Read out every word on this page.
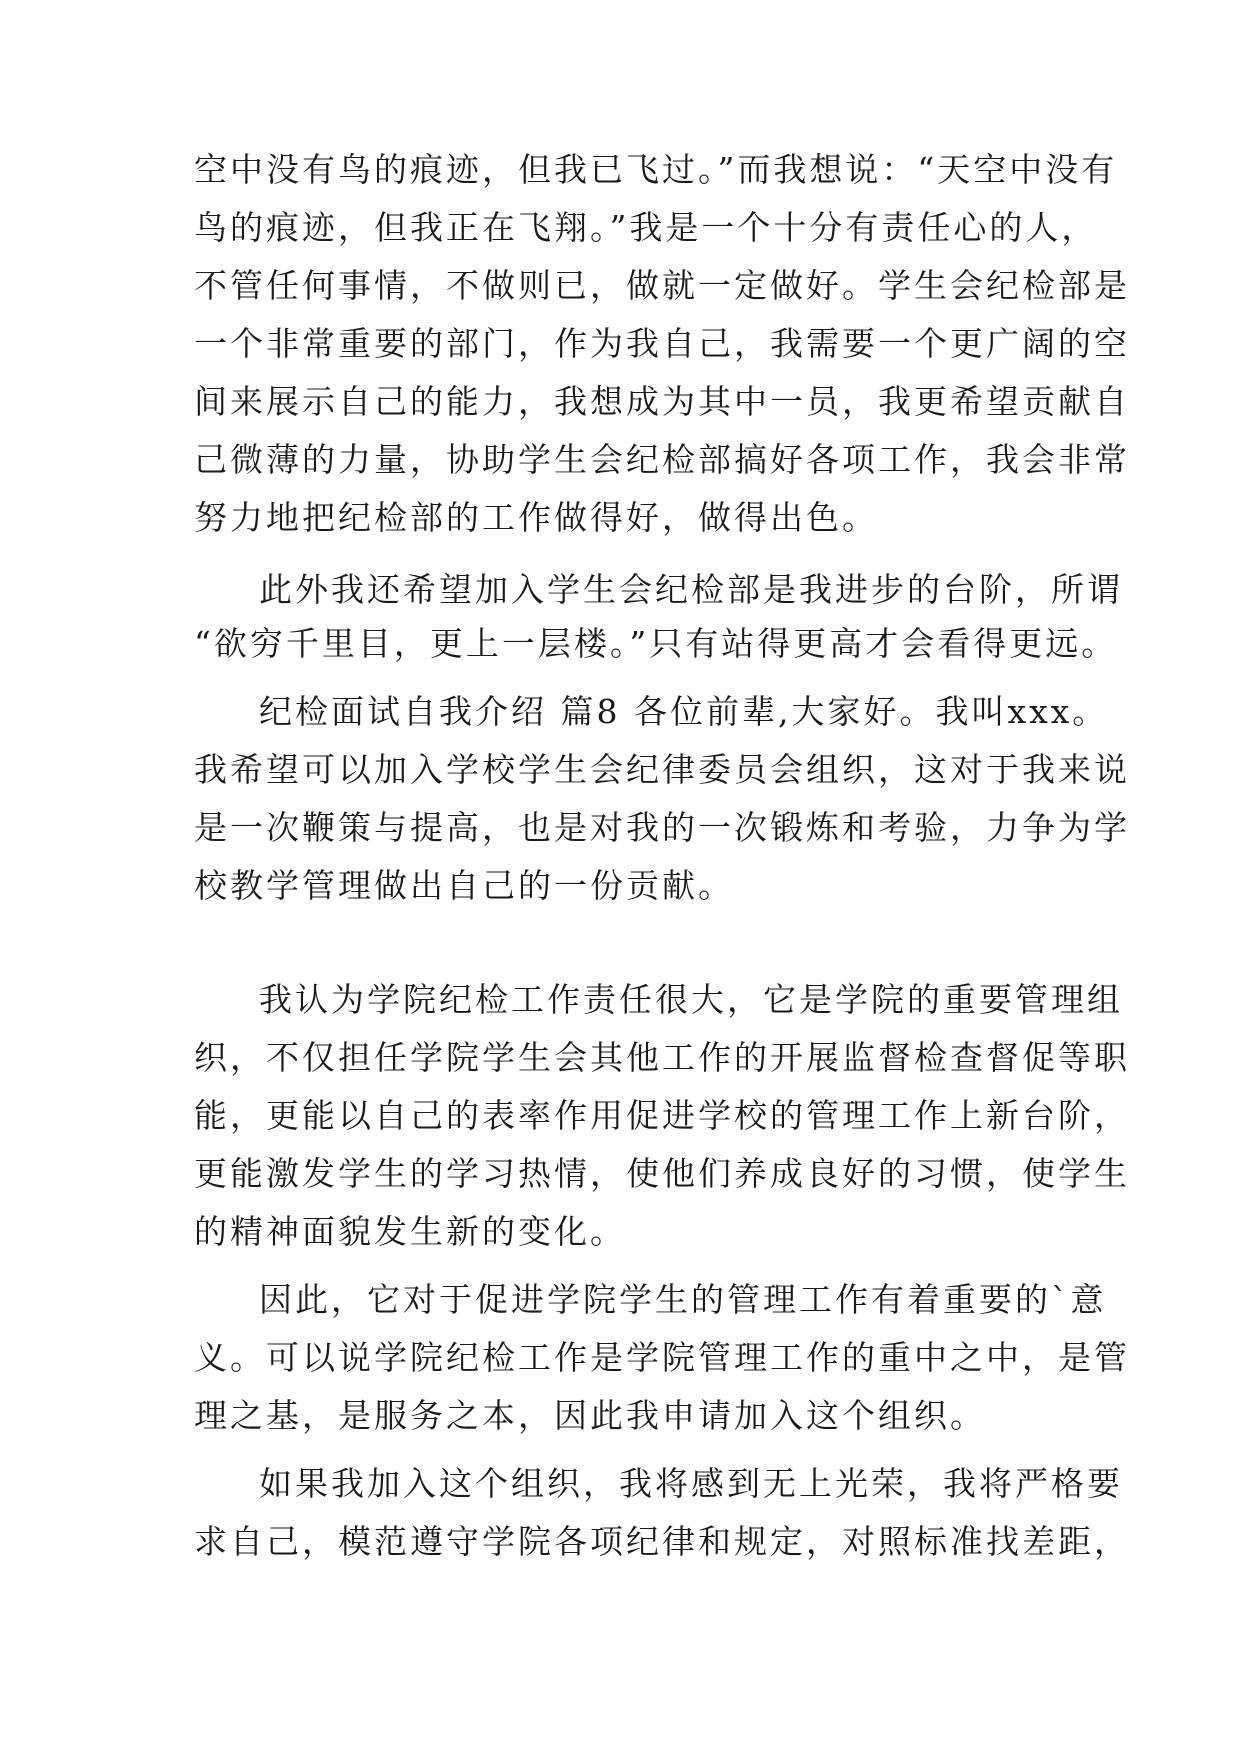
空中没有鸟的痕迹，但我已飞过。”而我想说：“天空中没有
鸟的痕迹，但我正在飞翔。”我是一个十分有责任心的人，
不管任何事情，不做则已，做就一定做好。学生会纪检部是
一个非常重要的部门，作为我自己，我需要一个更广阔的空
间来展示自己的能力，我想成为其中一员，我更希望贡献自
己微薄的力量，协助学生会纪检部搞好各项工作，我会非常
努力地把纪检部的工作做得好，做得出色。
此外我还希望加入学生会纪检部是我进步的台阶，所谓
“欲穷千里目，更上一层楼。”只有站得更高才会看得更远。
纪检面试自我介绍 篇8 各位前辈,大家好。我叫xxx。
我希望可以加入学校学生会纪律委员会组织，这对于我来说
是一次鞭策与提高，也是对我的一次锻炼和考验，力争为学
校教学管理做出自己的一份贡献。
我认为学院纪检工作责任很大，它是学院的重要管理组
织，不仅担任学院学生会其他工作的开展监督检查督促等职
能，更能以自己的表率作用促进学校的管理工作上新台阶，
更能激发学生的学习热情，使他们养成良好的习惯，使学生
的精神面貌发生新的变化。
因此，它对于促进学院学生的管理工作有着重要的`意
义。可以说学院纪检工作是学院管理工作的重中之中，是管
理之基，是服务之本，因此我申请加入这个组织。
如果我加入这个组织，我将感到无上光荣，我将严格要
求自己，模范遵守学院各项纪律和规定，对照标准找差距，
